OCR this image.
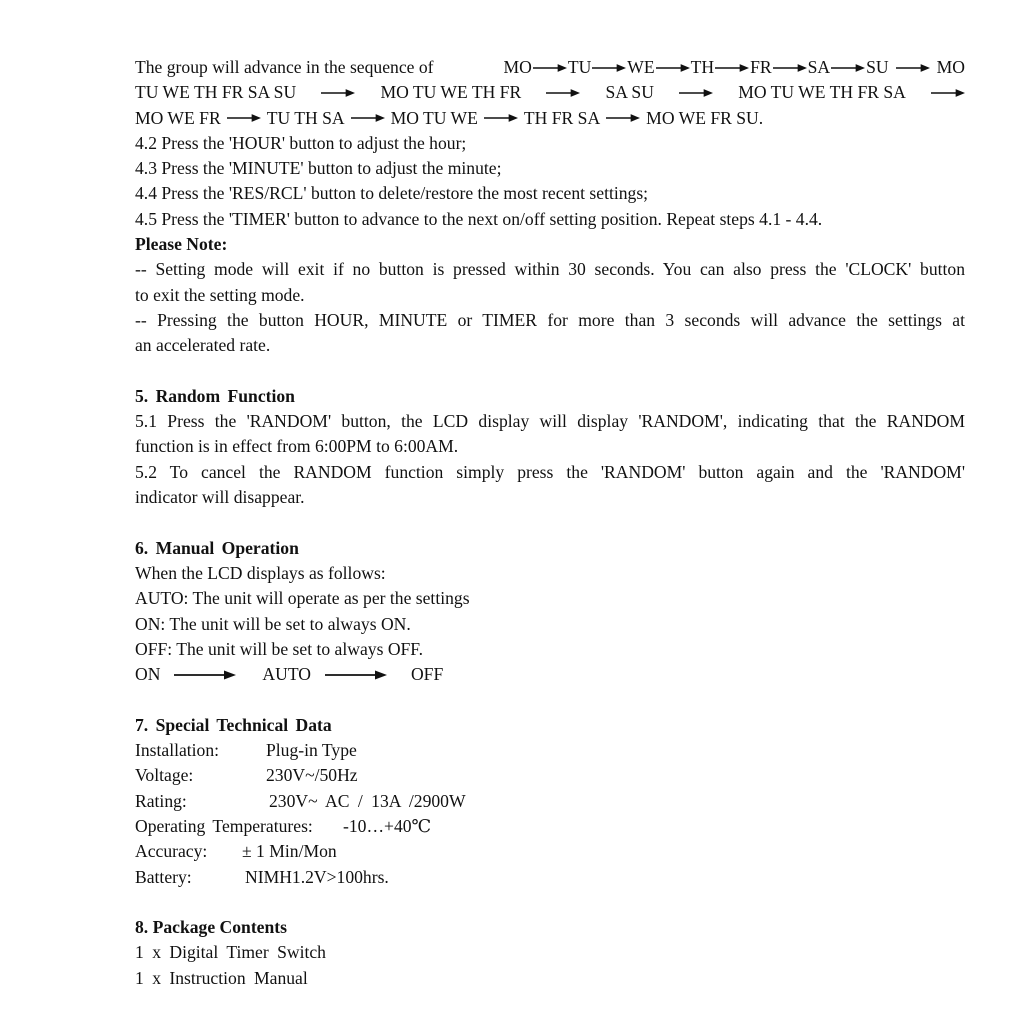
The group will advance in the sequence of	MO TU WE TH FR SA SU	MO
TU WE TH FR SA SU	MO TU WE TH FR	SA SU	MO TU WE TH FR SA
MO WE FR	TU TH SA	MO TU WE	TH FR SA	MO WE FR SU.
4.2 Press the 'HOUR' button to adjust the hour;
4.3 Press the 'MINUTE' button to adjust the minute;
4.4 Press the 'RES/RCL' button to delete/restore the most recent settings;
4.5 Press the 'TIMER' button to advance to the next on/off setting position. Repeat steps 4.1 - 4.4.
Please Note:
-- Setting mode will exit if no button is pressed within 30 seconds. You can also press the 'CLOCK' button
to exit the setting mode.
-- Pressing the button HOUR, MINUTE or TIMER for more than 3 seconds will advance the settings at
an accelerated rate.
5. Random Function
5.1 Press the 'RANDOM' button, the LCD display will display 'RANDOM', indicating that the RANDOM
function is in effect from 6:00PM to 6:00AM.
5.2 To cancel the RANDOM function simply press the 'RANDOM' button again and the 'RANDOM'
indicator will disappear.
6. Manual Operation
When the LCD displays as follows:
AUTO: The unit will operate as per the settings
ON: The unit will be set to always ON.
OFF: The unit will be set to always OFF.
ON	AUTO	OFF
7. Special Technical Data
Installation:	Plug-in Type
Voltage:	230V~/50Hz
Rating:	230V~ AC / 13A /2900W
Operating Temperatures:	-10…+40℃
Accuracy:	± 1 Min/Mon
Battery:	NIMH1.2V>100hrs.
8. Package Contents
1 x Digital Timer Switch
1 x Instruction Manual
